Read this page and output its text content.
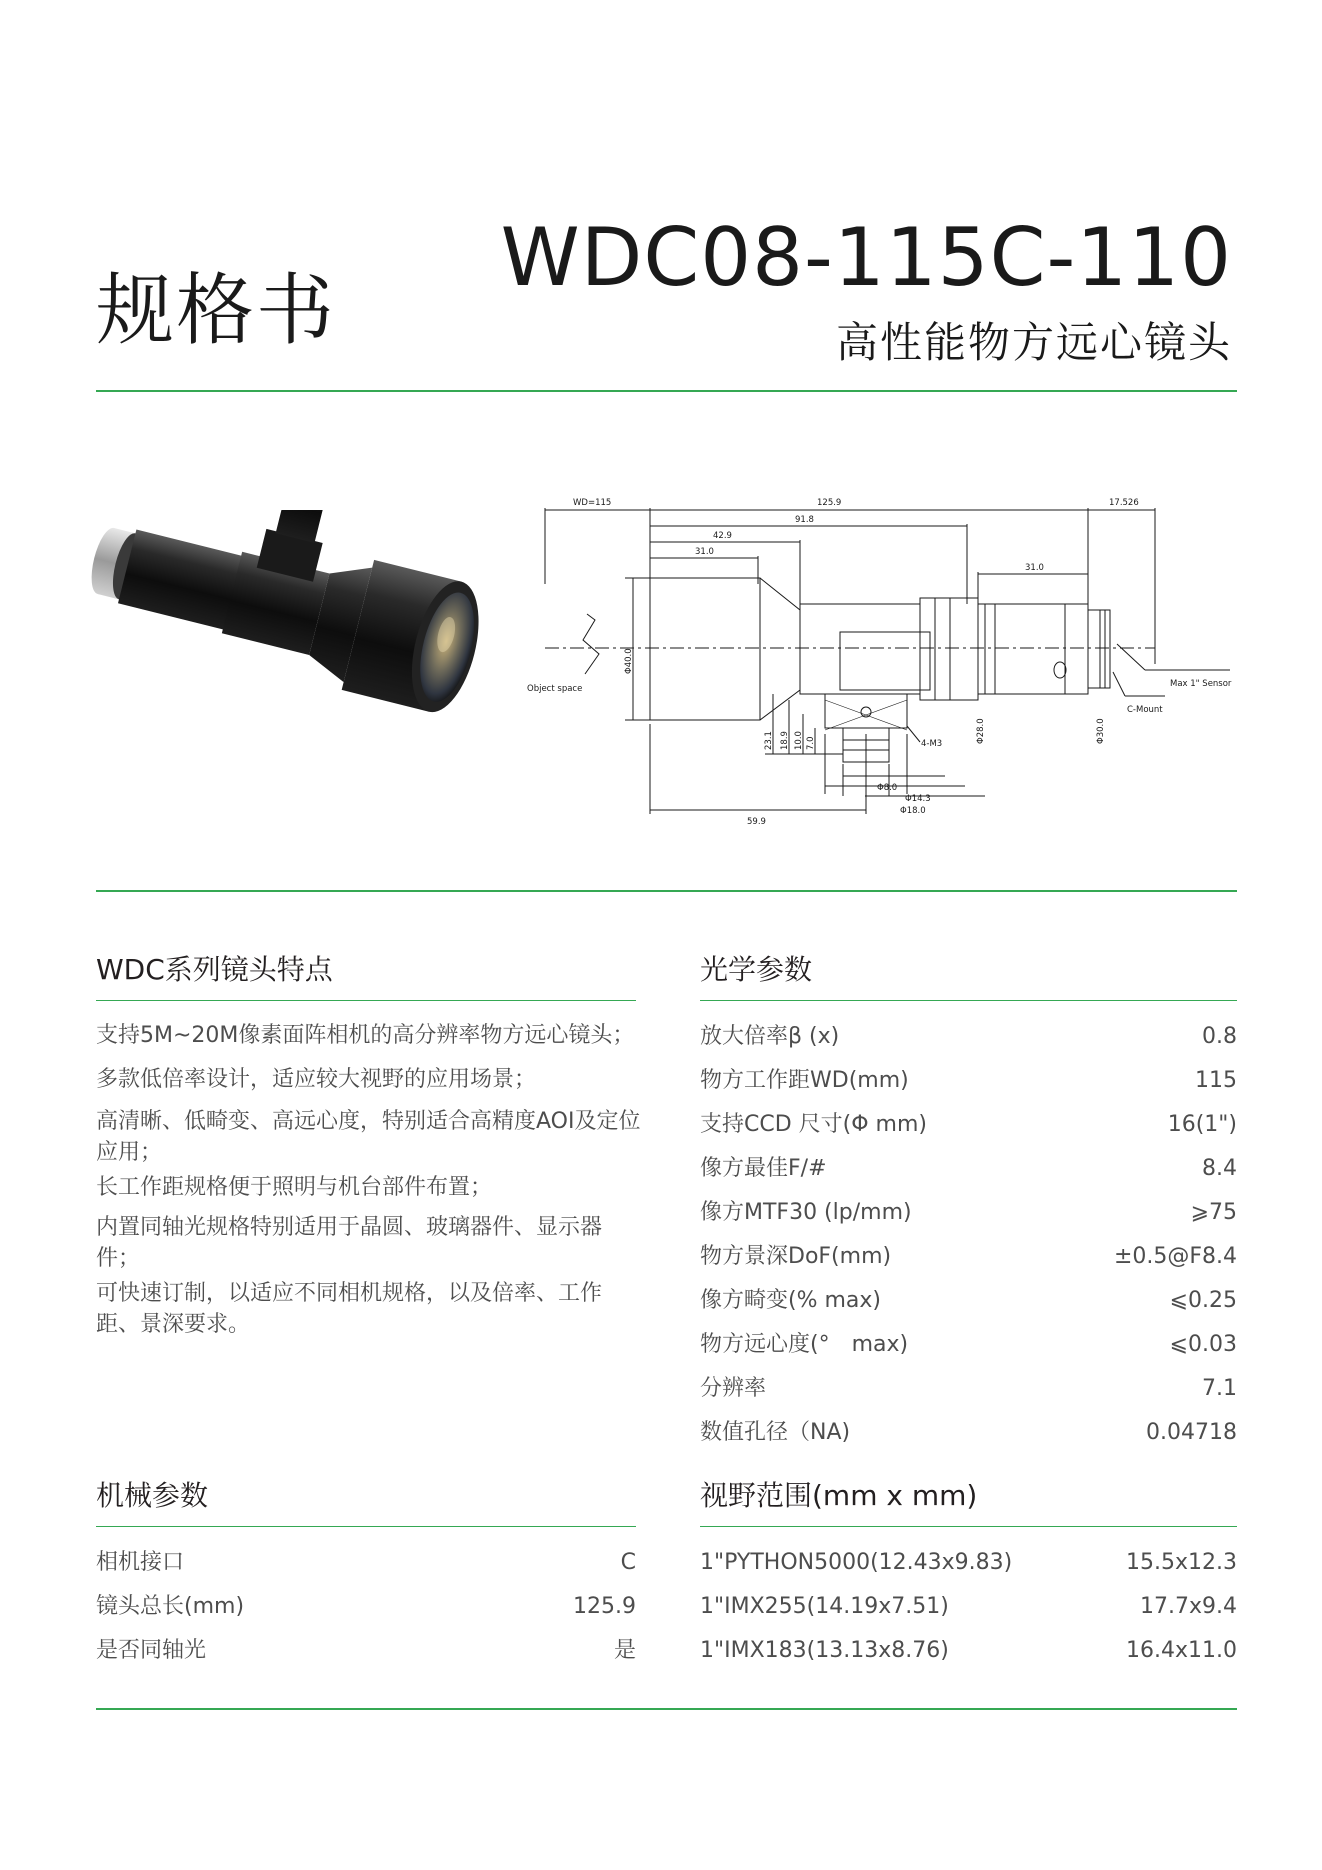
规格书
WDC08-115C-110
高性能物方远心镜头
WD=115	125.9	17.526
91.8
42.9
31.0
31.0
Object space	Max 1" Sensor
C-Mount
4-M3
Φ8.0
Φ14.3
Φ18.0
59.9
Φ40.0
23.1 18.9 10.0 7.0	Φ28.0	Φ30.0
WDC系列镜头特点
支持5M~20M像素面阵相机的高分辨率物方远心镜头；
多款低倍率设计，适应较大视野的应用场景；
高清晰、低畸变、高远心度，特别适合高精度AOI及定位应用；
长工作距规格便于照明与机台部件布置；
内置同轴光规格特别适用于晶圆、玻璃器件、显示器件；
可快速订制，以适应不同相机规格，以及倍率、工作距、景深要求。
光学参数
放大倍率β (x)	0.8
物方工作距WD(mm)	115
支持CCD 尺寸(Φ mm)	16(1")
像方最佳F/#	8.4
像方MTF30 (lp/mm)	⩾75
物方景深DoF(mm)	±0.5@F8.4
像方畸变(% max)	⩽0.25
物方远心度(°　max)	⩽0.03
分辨率	7.1
数值孔径（NA)	0.04718
机械参数
相机接口	C
镜头总长(mm)	125.9
是否同轴光	是
视野范围(mm x mm)
1"PYTHON5000(12.43x9.83)	15.5x12.3
1"IMX255(14.19x7.51)	17.7x9.4
1"IMX183(13.13x8.76)	16.4x11.0
